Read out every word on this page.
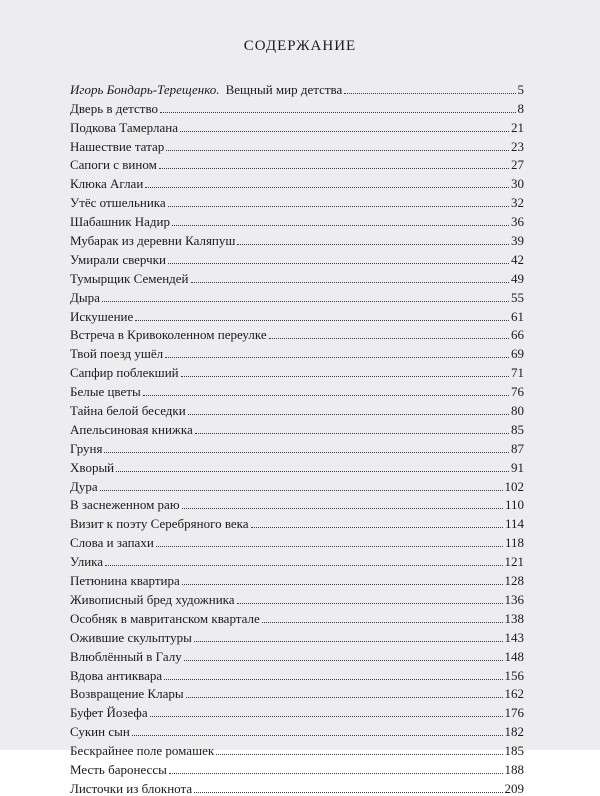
СОДЕРЖАНИЕ
Игорь Бондарь-Терещенко. Вещный мир детства	5
Дверь в детство	8
Подкова Тамерлана	21
Нашествие татар	23
Сапоги с вином	27
Клюка Аглаи	30
Утёс отшельника	32
Шабашник Надир	36
Мубарак из деревни Каляпуш	39
Умирали сверчки	42
Тумырщик Семендей	49
Дыра	55
Искушение	61
Встреча в Кривоколенном переулке	66
Твой поезд ушёл	69
Сапфир поблекший	71
Белые цветы	76
Тайна белой беседки	80
Апельсиновая книжка	85
Груня	87
Хворый	91
Дура	102
В заснеженном раю	110
Визит к поэту Серебряного века	114
Слова и запахи	118
Улика	121
Петюнина квартира	128
Живописный бред художника	136
Особняк в мавританском квартале	138
Ожившие скульптуры	143
Влюблённый в Галу	148
Вдова антиквара	156
Возвращение Клары	162
Буфет Йозефа	176
Сукин сын	182
Бескрайнее поле ромашек	185
Месть баронессы	188
Листочки из блокнота	209
